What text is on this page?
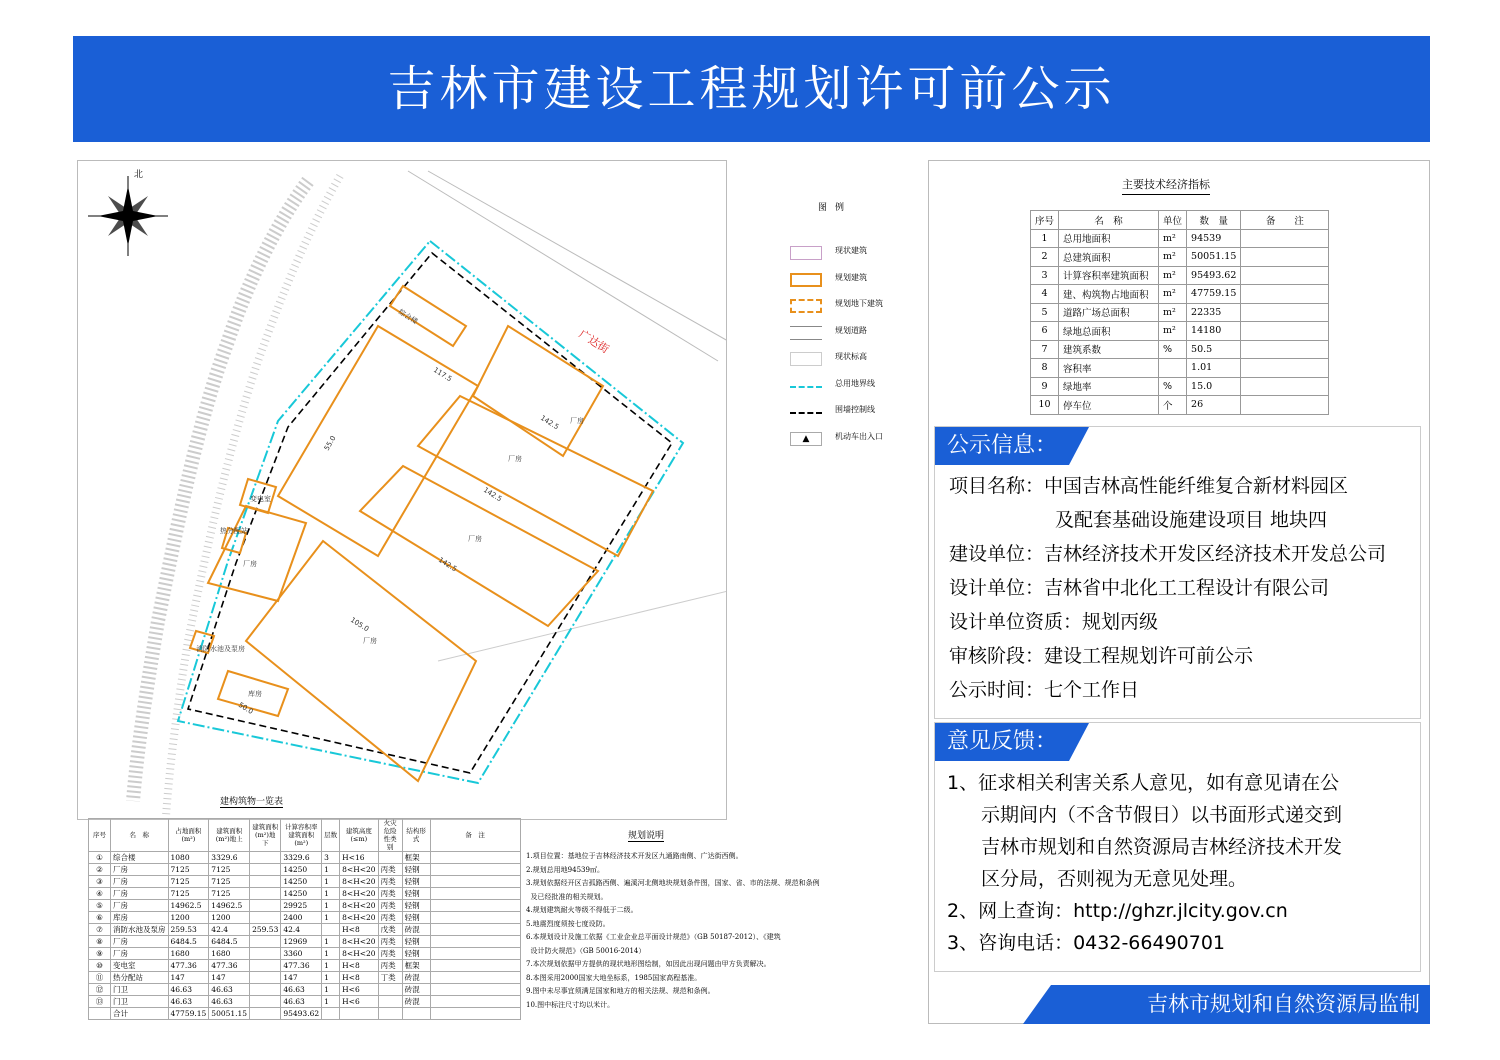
吉林市建设工程规划许可前公示
北
广达街
综合楼
厂房
厂房
厂房
厂房
厂房
变电室
热分配站
消防水池及泵房
库房
117.5
142.5
142.5
142.5
105.0
55.0
50.0
图例
现状建筑
规划建筑
规划地下建筑
规划道路
现状标高
总用地界线
围墙控制线
▲	机动车出入口
建构筑物一览表
序号	名　称	占地面积(m²)	建筑面积(m²)地上	建筑面积(m²)地下	计算容积率建筑面积(m²)	层数	建筑高度(≤m)	火灾危险性类别	结构形式	备　注
①	综合楼	1080	3329.6		3329.6	3	H<16		框架	
②	厂房	7125	7125		14250	1	8<H<20	丙类	轻钢	
③	厂房	7125	7125		14250	1	8<H<20	丙类	轻钢	
④	厂房	7125	7125		14250	1	8<H<20	丙类	轻钢	
⑤	厂房	14962.5	14962.5		29925	1	8<H<20	丙类	轻钢	
⑥	库房	1200	1200		2400	1	8<H<20	丙类	轻钢	
⑦	消防水池及泵房	259.53	42.4	259.53	42.4		H<8	戊类	砖混	
⑧	厂房	6484.5	6484.5		12969	1	8<H<20	丙类	轻钢	
⑨	厂房	1680	1680		3360	1	8<H<20	丙类	轻钢	
⑩	变电室	477.36	477.36		477.36	1	H<8	丙类	框架	
⑪	热分配站	147	147		147	1	H<8	丁类	砖混	
⑫	门卫	46.63	46.63		46.63	1	H<6		砖混	
⑬	门卫	46.63	46.63		46.63	1	H<6		砖混	
	合计	47759.15	50051.15		95493.62					
规划说明
1.项目位置：基地位于吉林经济技术开发区九通路南侧、广达街西侧。
2.规划总用地94539㎡。
3.规划依据经开区吉孤路西侧、遍溪河北侧地块规划条件图，国家、省、市的法规、规范和条例
及已经批准的相关规划。
4.规划建筑耐火等级不得低于二级。
5.地震烈度须按七度设防。
6.本规划设计及施工依据《工业企业总平面设计规范》（GB 50187-2012）、《建筑
设计防火规范》（GB 50016-2014）
7.本次规划依据甲方提供的现状地形图绘制，如因此出现问题由甲方负责解决。
8.本图采用2000国家大地坐标系，1985国家高程基准。
9.图中未尽事宜须满足国家和地方的相关法规、规范和条例。
10.图中标注尺寸均以米计。
主要技术经济指标
序号	名　称	单位	数　量	备　　注
1	总用地面积	m²	94539	
2	总建筑面积	m²	50051.15	
3	计算容积率建筑面积	m²	95493.62	
4	建、构筑物占地面积	m²	47759.15	
5	道路广场总面积	m²	22335	
6	绿地总面积	m²	14180	
7	建筑系数	%	50.5	
8	容积率		1.01	
9	绿地率	%	15.0	
10	停车位	个	26	
公示信息：
项目名称：中国吉林高性能纤维复合新材料园区
及配套基础设施建设项目 地块四
建设单位：吉林经济技术开发区经济技术开发总公司
设计单位：吉林省中北化工工程设计有限公司
设计单位资质：规划丙级
审核阶段：建设工程规划许可前公示
公示时间：七个工作日
意见反馈：
1、征求相关利害关系人意见，如有意见请在公
示期间内（不含节假日）以书面形式递交到
吉林市规划和自然资源局吉林经济技术开发
区分局，否则视为无意见处理。
2、网上查询：http://ghzr.jlcity.gov.cn
3、咨询电话：0432-66490701
吉林市规划和自然资源局监制
